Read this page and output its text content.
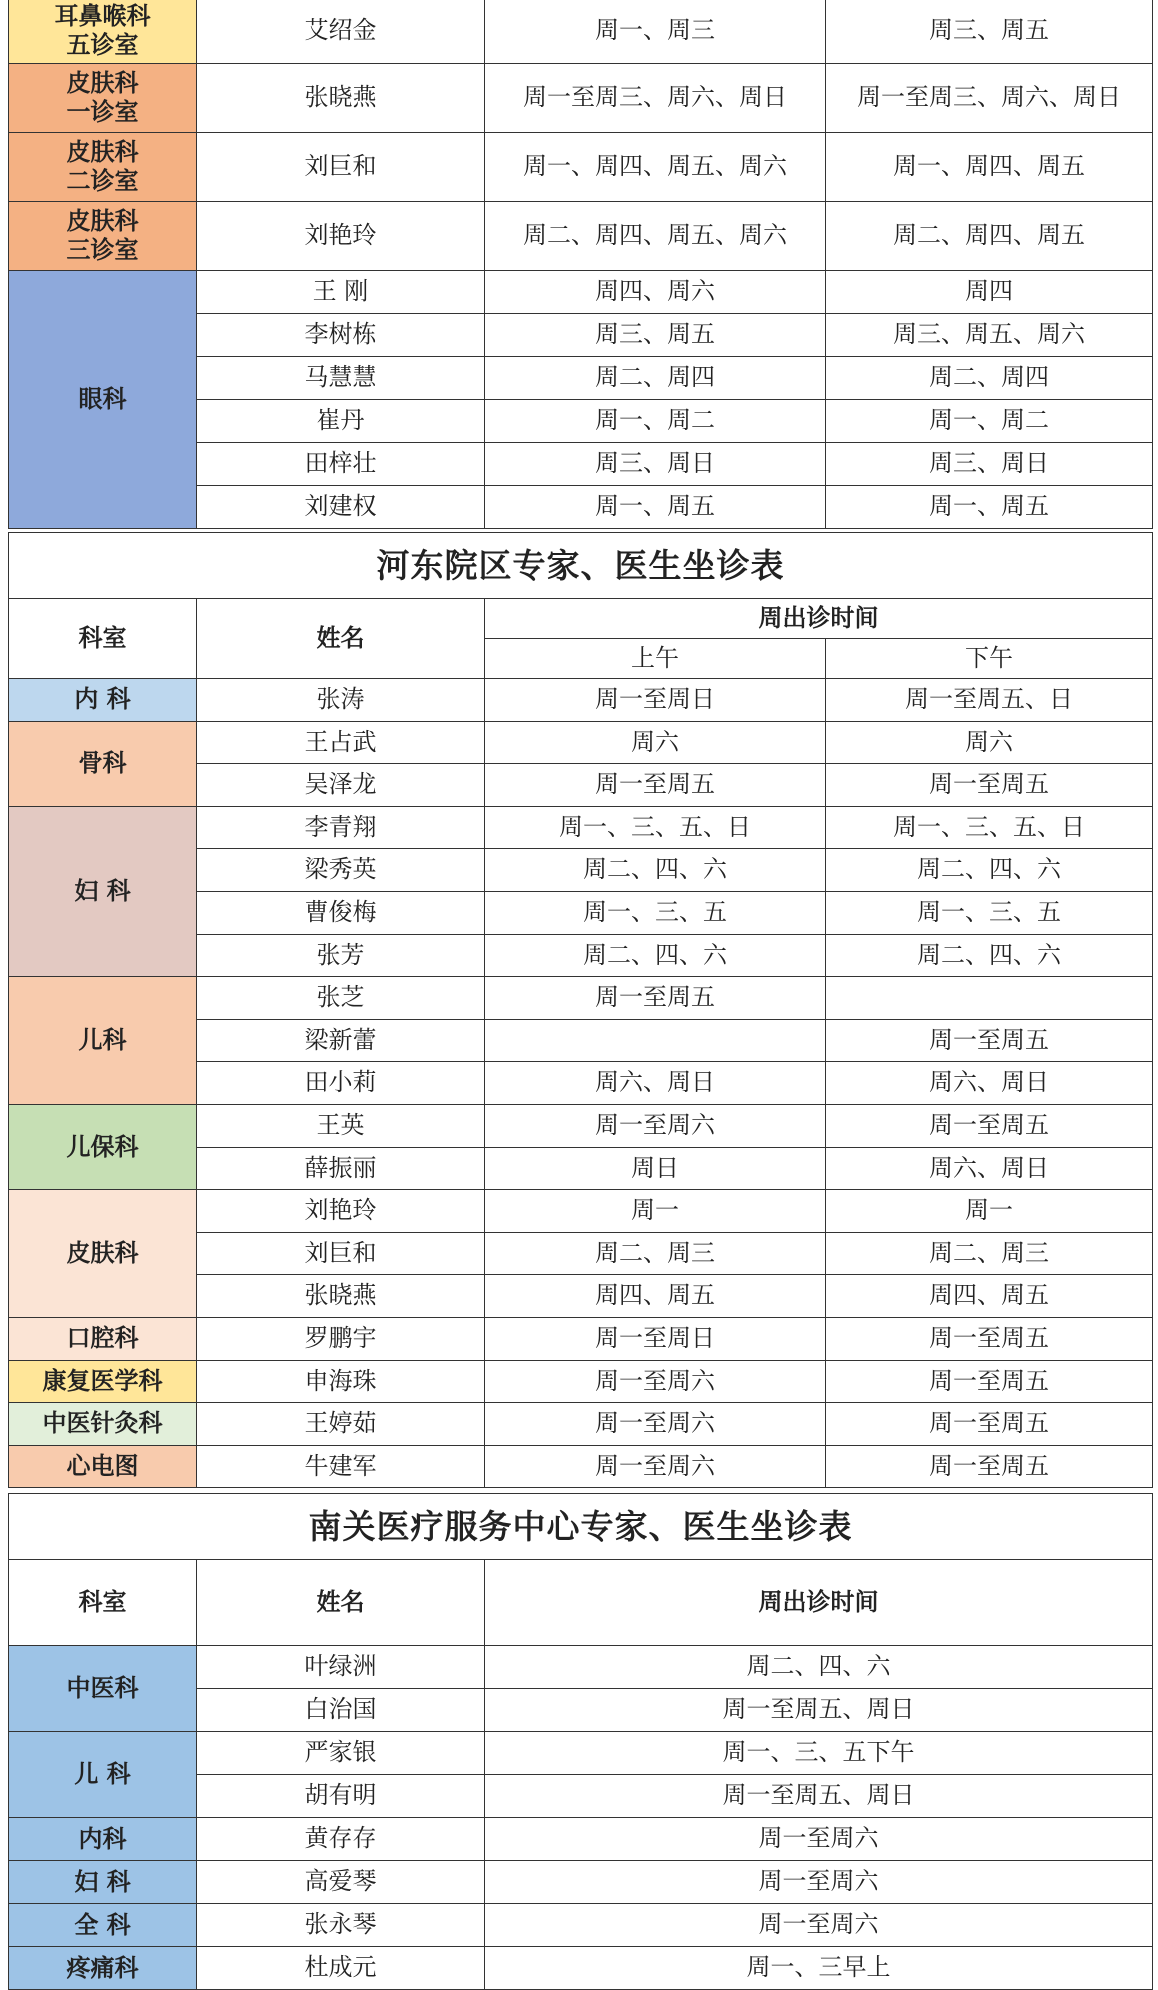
耳鼻喉科
五诊室	艾绍金	周一、周三	周三、周五
皮肤科
一诊室	张晓燕	周一至周三、周六、周日	周一至周三、周六、周日
皮肤科
二诊室	刘巨和	周一、周四、周五、周六	周一、周四、周五
皮肤科
三诊室	刘艳玲	周二、周四、周五、周六	周二、周四、周五
眼科	王 刚	周四、周六	周四
	李树栋	周三、周五	周三、周五、周六
	马慧慧	周二、周四	周二、周四
	崔丹	周一、周二	周一、周二
	田梓壮	周三、周日	周三、周日
	刘建权	周一、周五	周一、周五
河东院区专家、医生坐诊表			
科室	姓名	周出诊时间	
		上午	下午
内 科	张涛	周一至周日	周一至周五、日
骨科	王占武	周六	周六
	吴泽龙	周一至周五	周一至周五
妇 科	李青翔	周一、三、五、日	周一、三、五、日
	梁秀英	周二、四、六	周二、四、六
	曹俊梅	周一、三、五	周一、三、五
	张芳	周二、四、六	周二、四、六
儿科	张芝	周一至周五	
	梁新蕾		周一至周五
	田小莉	周六、周日	周六、周日
儿保科	王英	周一至周六	周一至周五
	薛振丽	周日	周六、周日
皮肤科	刘艳玲	周一	周一
	刘巨和	周二、周三	周二、周三
	张晓燕	周四、周五	周四、周五
口腔科	罗鹏宇	周一至周日	周一至周五
康复医学科	申海珠	周一至周六	周一至周五
中医针灸科	王婷茹	周一至周六	周一至周五
心电图	牛建军	周一至周六	周一至周五
南关医疗服务中心专家、医生坐诊表		
科室	姓名	周出诊时间
中医科	叶绿洲	周二、四、六
	白治国	周一至周五、周日
儿 科	严家银	周一、三、五下午
	胡有明	周一至周五、周日
内科	黄存存	周一至周六
妇 科	高爱琴	周一至周六
全 科	张永琴	周一至周六
疼痛科	杜成元	周一、三早上
